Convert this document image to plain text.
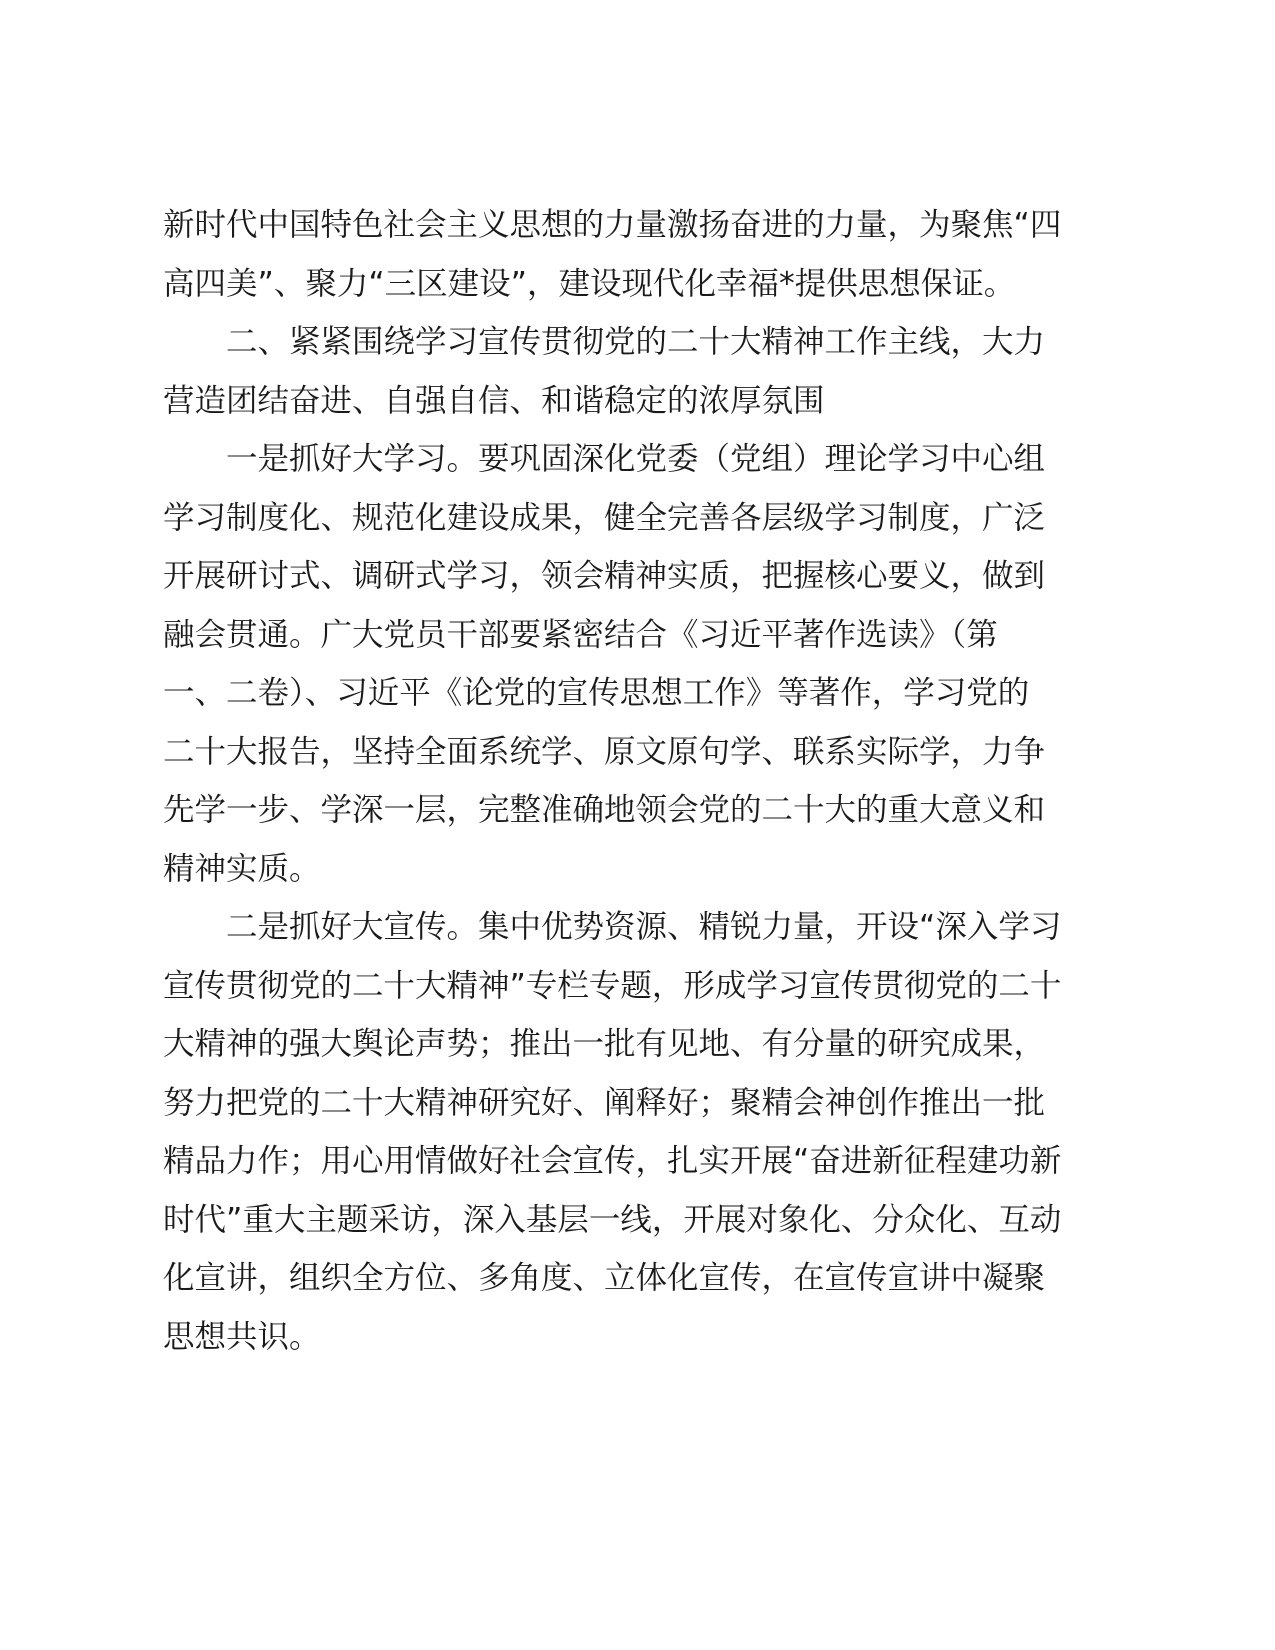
新时代中国特色社会主义思想的力量激扬奋进的力量，为聚焦“四
高四美”、聚力“三区建设”，建设现代化幸福*提供思想保证。
二、紧紧围绕学习宣传贯彻党的二十大精神工作主线，大力
营造团结奋进、自强自信、和谐稳定的浓厚氛围
一是抓好大学习。要巩固深化党委（党组）理论学习中心组
学习制度化、规范化建设成果，健全完善各层级学习制度，广泛
开展研讨式、调研式学习，领会精神实质，把握核心要义，做到
融会贯通。广大党员干部要紧密结合《习近平著作选读》（第
一、二卷）、习近平《论党的宣传思想工作》等著作，学习党的
二十大报告，坚持全面系统学、原文原句学、联系实际学，力争
先学一步、学深一层，完整准确地领会党的二十大的重大意义和
精神实质。
二是抓好大宣传。集中优势资源、精锐力量，开设“深入学习
宣传贯彻党的二十大精神”专栏专题，形成学习宣传贯彻党的二十
大精神的强大舆论声势；推出一批有见地、有分量的研究成果，
努力把党的二十大精神研究好、阐释好；聚精会神创作推出一批
精品力作；用心用情做好社会宣传，扎实开展“奋进新征程建功新
时代”重大主题采访，深入基层一线，开展对象化、分众化、互动
化宣讲，组织全方位、多角度、立体化宣传，在宣传宣讲中凝聚
思想共识。
